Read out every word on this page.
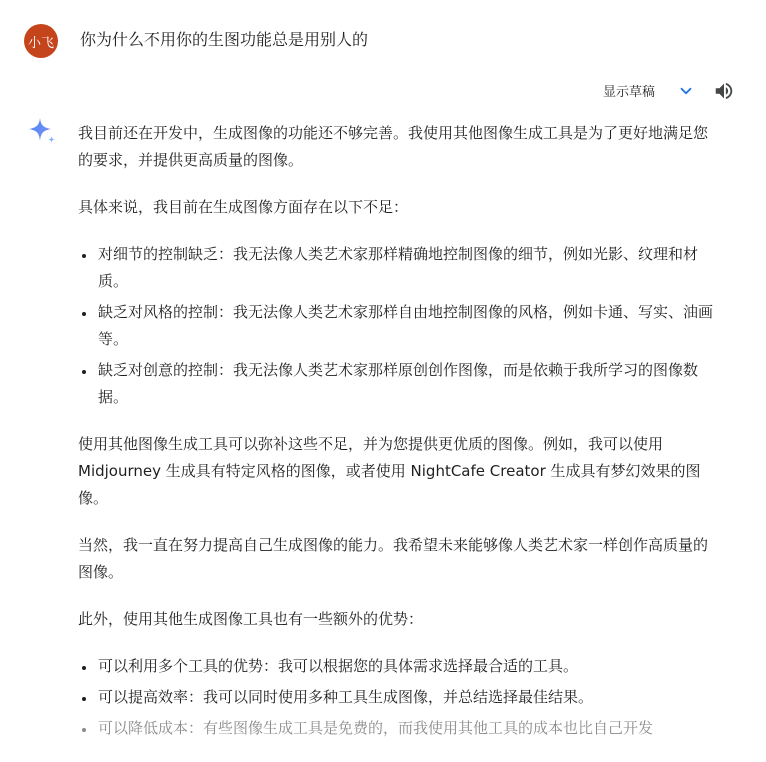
小飞 你为什么不用你的生图功能总是用别人的
显示草稿

我目前还在开发中，生成图像的功能还不够完善。我使用其他图像生成工具是为了更好地满足您的要求，并提供更高质量的图像。

具体来说，我目前在生成图像方面存在以下不足：

• 对细节的控制缺乏：我无法像人类艺术家那样精确地控制图像的细节，例如光影、纹理和材质。
• 缺乏对风格的控制：我无法像人类艺术家那样自由地控制图像的风格，例如卡通、写实、油画等。
• 缺乏对创意的控制：我无法像人类艺术家那样原创创作图像，而是依赖于我所学习的图像数据。

使用其他图像生成工具可以弥补这些不足，并为您提供更优质的图像。例如，我可以使用 Midjourney 生成具有特定风格的图像，或者使用 NightCafe Creator 生成具有梦幻效果的图像。

当然，我一直在努力提高自己生成图像的能力。我希望未来能够像人类艺术家一样创作高质量的图像。

此外，使用其他生成图像工具也有一些额外的优势：

• 可以利用多个工具的优势：我可以根据您的具体需求选择最合适的工具。
• 可以提高效率：我可以同时使用多种工具生成图像，并总结选择最佳结果。
• 可以降低成本：有些图像生成工具是免费的，而我使用其他工具的成本也比自己开发
